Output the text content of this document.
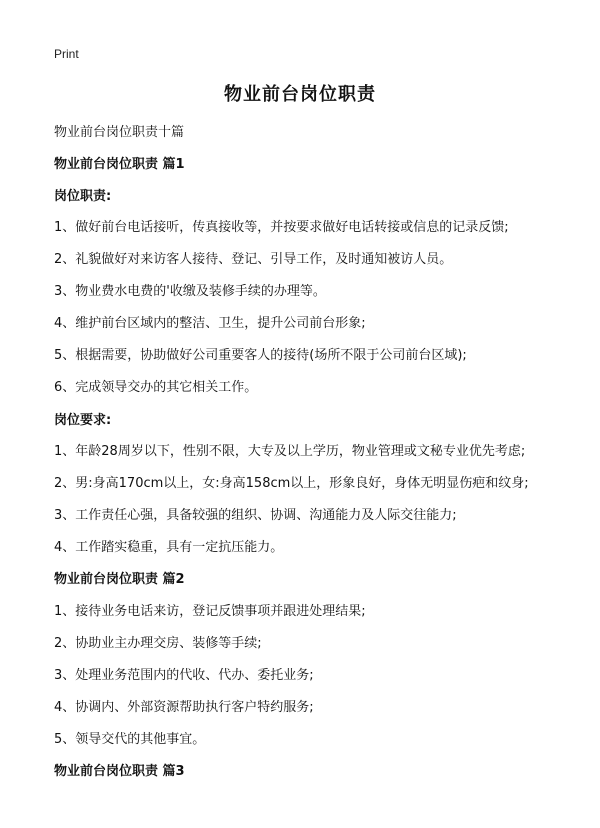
Print
物业前台岗位职责
物业前台岗位职责十篇
物业前台岗位职责 篇1
岗位职责:
1、做好前台电话接听，传真接收等，并按要求做好电话转接或信息的记录反馈;
2、礼貌做好对来访客人接待、登记、引导工作，及时通知被访人员。
3、物业费水电费的'收缴及装修手续的办理等。
4、维护前台区域内的整洁、卫生，提升公司前台形象;
5、根据需要，协助做好公司重要客人的接待(场所不限于公司前台区域);
6、完成领导交办的其它相关工作。
岗位要求:
1、年龄28周岁以下，性别不限，大专及以上学历，物业管理或文秘专业优先考虑;
2、男:身高170cm以上，女:身高158cm以上，形象良好，身体无明显伤疤和纹身;
3、工作责任心强，具备较强的组织、协调、沟通能力及人际交往能力;
4、工作踏实稳重，具有一定抗压能力。
物业前台岗位职责 篇2
1、接待业务电话来访，登记反馈事项并跟进处理结果;
2、协助业主办理交房、装修等手续;
3、处理业务范围内的代收、代办、委托业务;
4、协调内、外部资源帮助执行客户特约服务;
5、领导交代的其他事宜。
物业前台岗位职责 篇3
